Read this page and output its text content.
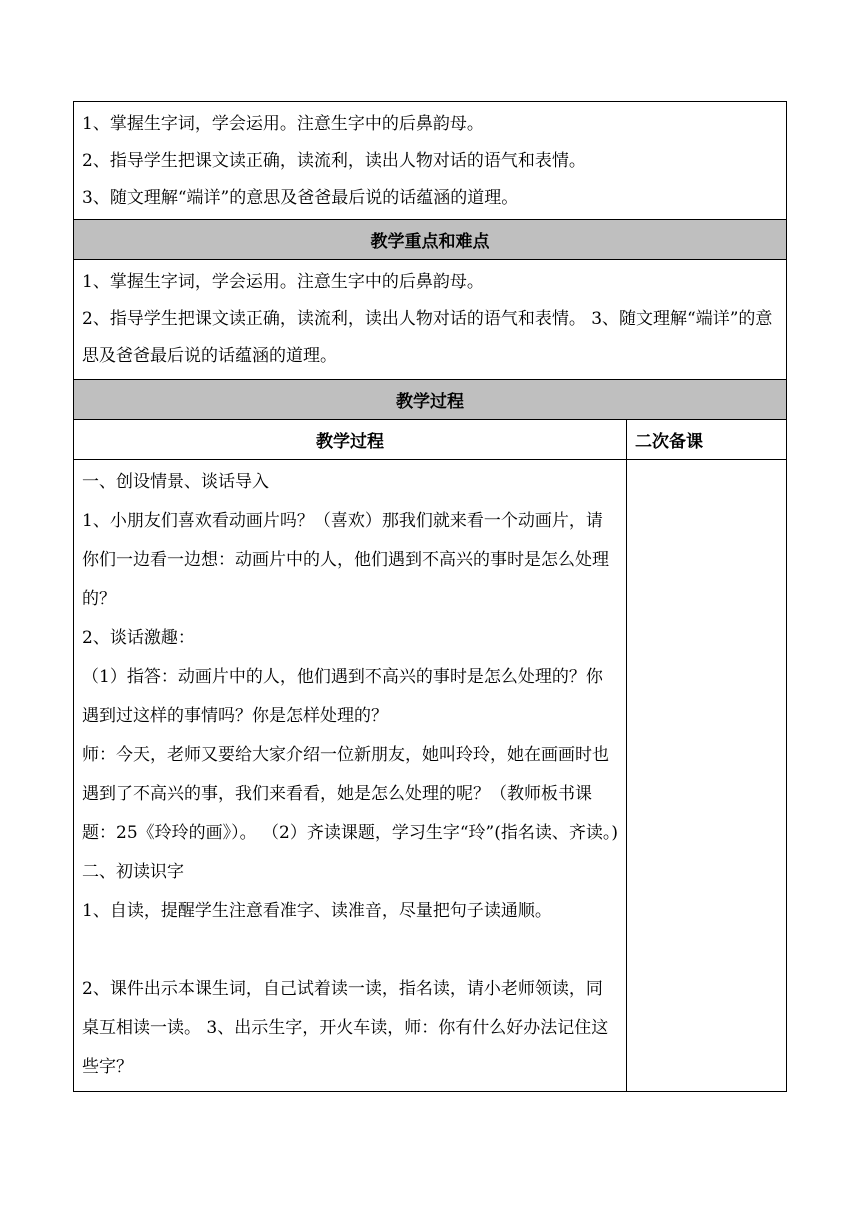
1、掌握生字词，学会运用。注意生字中的后鼻韵母。

2、指导学生把课文读正确，读流利，读出人物对话的语气和表情。

3、随文理解“端详”的意思及爸爸最后说的话蕴涵的道理。

教学重点和难点

1、掌握生字词，学会运用。注意生字中的后鼻韵母。

2、指导学生把课文读正确，读流利，读出人物对话的语气和表情。 3、随文理解“端详”的意思及爸爸最后说的话蕴涵的道理。

教学过程
教学过程	二次备课

一、创设情景、谈话导入

1、小朋友们喜欢看动画片吗？（喜欢）那我们就来看一个动画片，请你们一边看一边想：动画片中的人，他们遇到不高兴的事时是怎么处理的？

2、谈话激趣：

（1）指答：动画片中的人，他们遇到不高兴的事时是怎么处理的？你遇到过这样的事情吗？你是怎样处理的？

师：今天，老师又要给大家介绍一位新朋友，她叫玲玲，她在画画时也遇到了不高兴的事，我们来看看，她是怎么处理的呢？（教师板书课题：25《玲玲的画》）。 （2）齐读课题，学习生字“玲”(指名读、齐读。)

二、初读识字

1、自读，提醒学生注意看准字、读准音，尽量把句子读通顺。

2、课件出示本课生词，自己试着读一读，指名读，请小老师领读，同桌互相读一读。 3、出示生字，开火车读，师：你有什么好办法记住这些字？
